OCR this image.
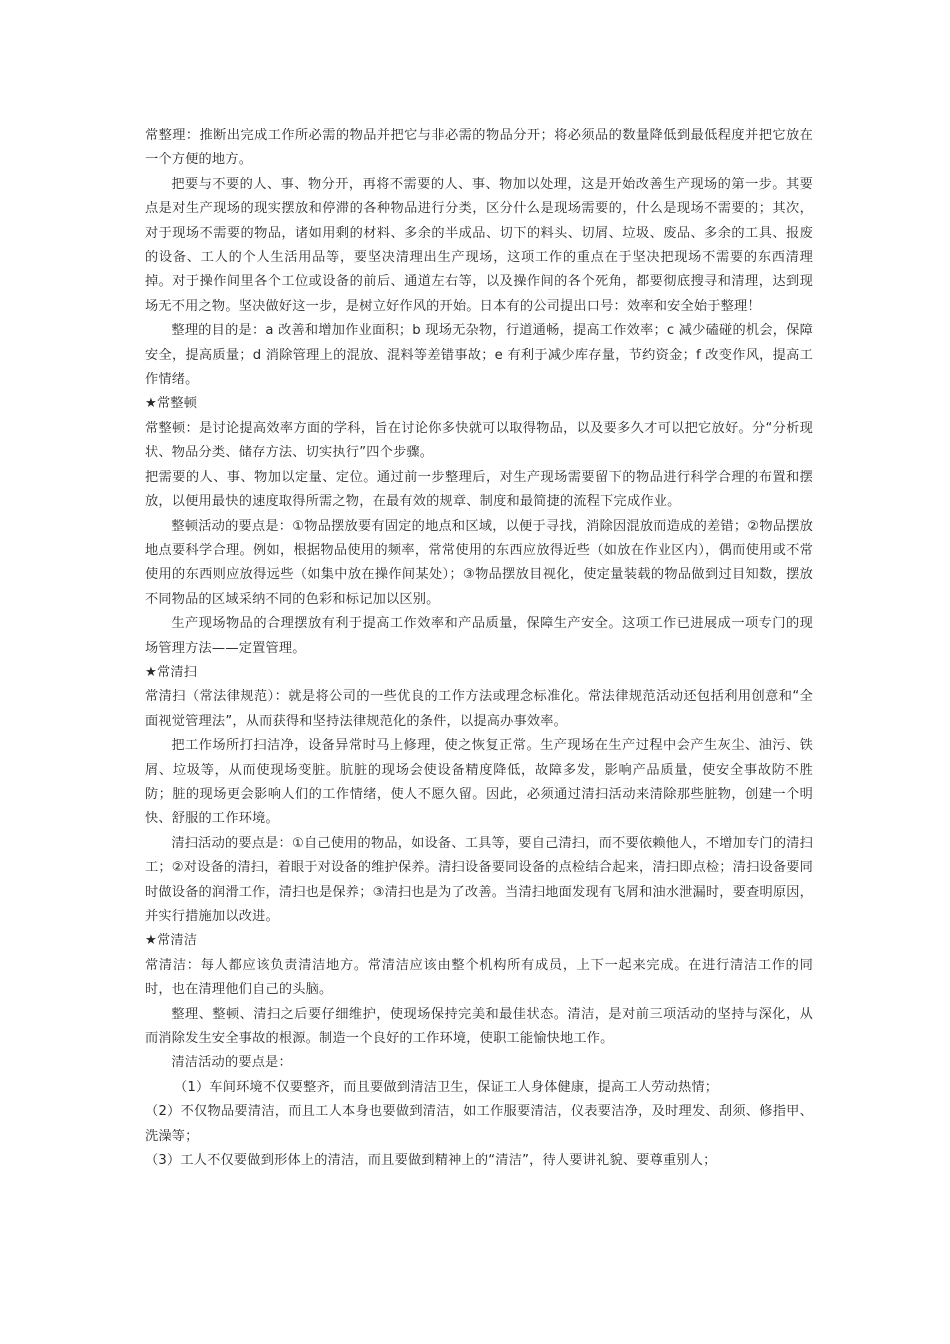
常整理：推断出完成工作所必需的物品并把它与非必需的物品分开；将必须品的数量降低到最低程度并把它放在一个方便的地方。

把要与不要的人、事、物分开，再将不需要的人、事、物加以处理，这是开始改善生产现场的第一步。其要点是对生产现场的现实摆放和停滞的各种物品进行分类，区分什么是现场需要的，什么是现场不需要的；其次，对于现场不需要的物品，诸如用剩的材料、多余的半成品、切下的料头、切屑、垃圾、废品、多余的工具、报废的设备、工人的个人生活用品等，要坚决清理出生产现场，这项工作的重点在于坚决把现场不需要的东西清理掉。对于操作间里各个工位或设备的前后、通道左右等，以及操作间的各个死角，都要彻底搜寻和清理，达到现场无不用之物。坚决做好这一步，是树立好作风的开始。日本有的公司提出口号：效率和安全始于整理！

整理的目的是：a 改善和增加作业面积；b 现场无杂物，行道通畅，提高工作效率；c 减少磕碰的机会，保障安全，提高质量；d 消除管理上的混放、混料等差错事故；e 有利于减少库存量，节约资金；f 改变作风，提高工作情绪。

★常整顿

常整顿：是讨论提高效率方面的学科，旨在讨论你多快就可以取得物品，以及要多久才可以把它放好。分“分析现状、物品分类、储存方法、切实执行”四个步骤。

把需要的人、事、物加以定量、定位。通过前一步整理后，对生产现场需要留下的物品进行科学合理的布置和摆放，以便用最快的速度取得所需之物，在最有效的规章、制度和最简捷的流程下完成作业。

整顿活动的要点是：①物品摆放要有固定的地点和区域，以便于寻找，消除因混放而造成的差错；②物品摆放地点要科学合理。例如，根据物品使用的频率，常常使用的东西应放得近些（如放在作业区内），偶而使用或不常使用的东西则应放得远些（如集中放在操作间某处）；③物品摆放目视化，使定量装载的物品做到过目知数，摆放不同物品的区域采纳不同的色彩和标记加以区别。

生产现场物品的合理摆放有利于提高工作效率和产品质量，保障生产安全。这项工作已进展成一项专门的现场管理方法——定置管理。

★常清扫

常清扫（常法律规范）：就是将公司的一些优良的工作方法或理念标准化。常法律规范活动还包括利用创意和“全面视觉管理法”，从而获得和坚持法律规范化的条件，以提高办事效率。

把工作场所打扫洁净，设备异常时马上修理，使之恢复正常。生产现场在生产过程中会产生灰尘、油污、铁屑、垃圾等，从而使现场变脏。肮脏的现场会使设备精度降低，故障多发，影响产品质量，使安全事故防不胜防；脏的现场更会影响人们的工作情绪，使人不愿久留。因此，必须通过清扫活动来清除那些脏物，创建一个明快、舒服的工作环境。

清扫活动的要点是：①自己使用的物品，如设备、工具等，要自己清扫，而不要依赖他人，不增加专门的清扫工；②对设备的清扫，着眼于对设备的维护保养。清扫设备要同设备的点检结合起来，清扫即点检；清扫设备要同时做设备的润滑工作，清扫也是保养；③清扫也是为了改善。当清扫地面发现有飞屑和油水泄漏时，要查明原因，并实行措施加以改进。

★常清洁

常清洁：每人都应该负责清洁地方。常清洁应该由整个机构所有成员，上下一起来完成。在进行清洁工作的同时，也在清理他们自己的头脑。

整理、整顿、清扫之后要仔细维护，使现场保持完美和最佳状态。清洁，是对前三项活动的坚持与深化，从而消除发生安全事故的根源。制造一个良好的工作环境，使职工能愉快地工作。

清洁活动的要点是：

（1）车间环境不仅要整齐，而且要做到清洁卫生，保证工人身体健康，提高工人劳动热情；

（2）不仅物品要清洁，而且工人本身也要做到清洁，如工作服要清洁，仪表要洁净，及时理发、刮须、修指甲、洗澡等；

（3）工人不仅要做到形体上的清洁，而且要做到精神上的“清洁”，待人要讲礼貌、要尊重别人；
